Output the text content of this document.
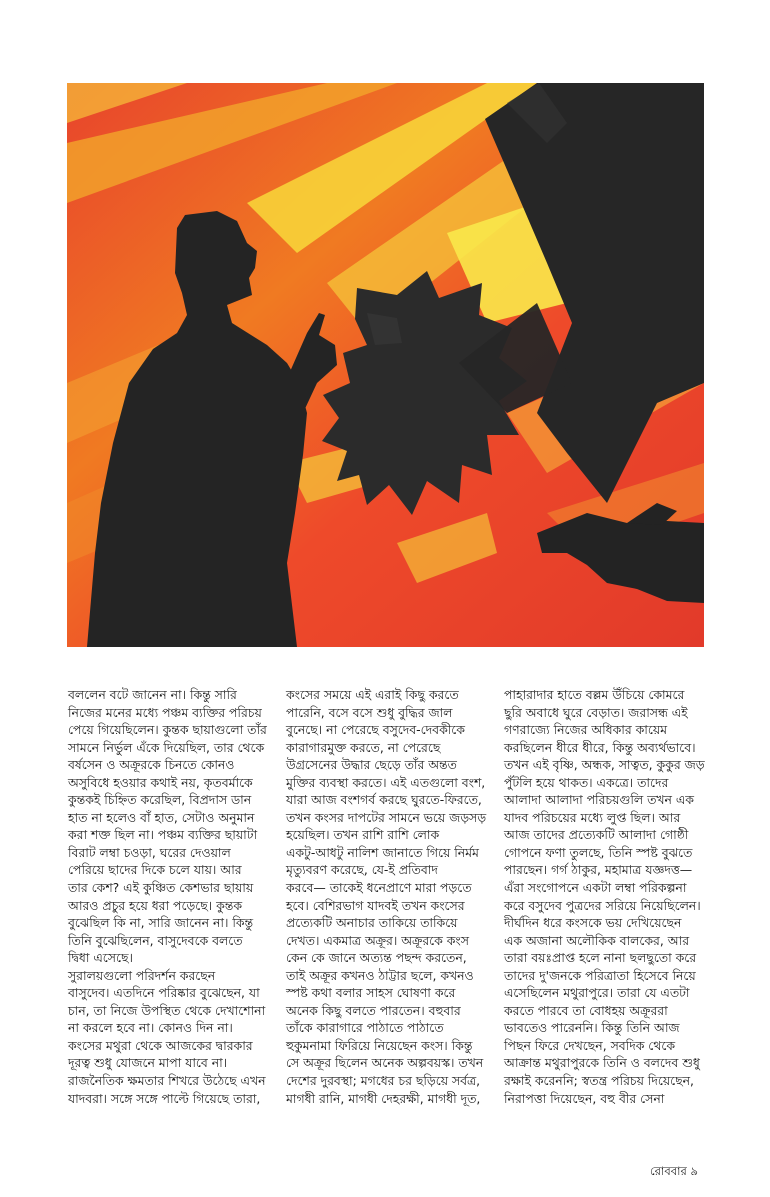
বললেন বটে জানেন না। কিন্তু সারি
নিজের মনের মধ্যে পঞ্চম ব্যক্তির পরিচয়
পেয়ে গিয়েছিলেন। কুন্তক ছায়াগুলো তাঁর
সামনে নির্ভুল এঁকে দিয়েছিল, তার থেকে
বর্ষসেন ও অক্রূরকে চিনতে কোনও
অসুবিধে হওয়ার কথাই নয়, কৃতবর্মাকে
কুন্তকই চিহ্নিত করেছিল, বিপ্রদাস ডান
হাত না হলেও বাঁ হাত, সেটাও অনুমান
করা শক্ত ছিল না। পঞ্চম ব্যক্তির ছায়াটা
বিরাট লম্বা চওড়া, ঘরের দেওয়াল
পেরিয়ে ছাদের দিকে চলে যায়। আর
তার কেশ? এই কুঞ্চিত কেশভার ছায়ায়
আরও প্রচুর হয়ে ধরা পড়েছে। কুন্তক
বুঝেছিল কি না, সারি জানেন না। কিন্তু
তিনি বুঝেছিলেন, বাসুদেবকে বলতে
দ্বিধা এসেছে।
সুরালয়গুলো পরিদর্শন করছেন
বাসুদেব। এতদিনে পরিষ্কার বুঝেছেন, যা
চান, তা নিজে উপস্থিত থেকে দেখাশোনা
না করলে হবে না। কোনও দিন না।
কংসের মথুরা থেকে আজকের দ্বারকার
দূরত্ব শুধু যোজনে মাপা যাবে না।
রাজনৈতিক ক্ষমতার শিখরে উঠেছে এখন
যাদবরা। সঙ্গে সঙ্গে পাল্টে গিয়েছে তারা,
কংসের সময়ে এই এরাই কিছু করতে
পারেনি, বসে বসে শুধু বুদ্ধির জাল
বুনেছে। না পেরেছে বসুদেব-দেবকীকে
কারাগারমুক্ত করতে, না পেরেছে
উগ্রসেনের উদ্ধার ছেড়ে তাঁর অন্তত
মুক্তির ব্যবস্থা করতে। এই এতগুলো বংশ,
যারা আজ বংশগর্ব করছে ঘুরতে-ফিরতে,
তখন কংসর দাপটের সামনে ভয়ে জড়সড়
হয়েছিল। তখন রাশি রাশি লোক
একটু-আধটু নালিশ জানাতে গিয়ে নির্মম
মৃত্যুবরণ করেছে, যে-ই প্রতিবাদ
করবে— তাকেই ধনেপ্রাণে মারা পড়তে
হবে। বেশিরভাগ যাদবই তখন কংসের
প্রত্যেকটি অনাচার তাকিয়ে তাকিয়ে
দেখত। একমাত্র অক্রূর। অক্রূরকে কংস
কেন কে জানে অত্যন্ত পছন্দ করতেন,
তাই অক্রূর কখনও ঠাট্টার ছলে, কখনও
স্পষ্ট কথা বলার সাহস ঘোষণা করে
অনেক কিছু বলতে পারতেন। বহুবার
তাঁকে কারাগারে পাঠাতে পাঠাতে
হুকুমনামা ফিরিয়ে নিয়েছেন কংস। কিন্তু
সে অক্রূর ছিলেন অনেক অল্পবয়স্ক। তখন
দেশের দুরবস্থা; মগধের চর ছড়িয়ে সর্বত্র,
মাগধী রানি, মাগধী দেহরক্ষী, মাগধী দূত,
পাহারাদার হাতে বল্লম উঁচিয়ে কোমরে
ছুরি অবাধে ঘুরে বেড়াত। জরাসন্ধ এই
গণরাজ্যে নিজের অধিকার কায়েম
করছিলেন ধীরে ধীরে, কিন্তু অব্যর্থভাবে।
তখন এই বৃষ্ণি, অন্ধক, সাত্বত, কুকুর জড়
পুঁটলি হয়ে থাকত। একত্রে। তাদের
আলাদা আলাদা পরিচয়গুলি তখন এক
যাদব পরিচয়ের মধ্যে লুপ্ত ছিল। আর
আজ তাদের প্রত্যেকটি আলাদা গোষ্ঠী
গোপনে ফণা তুলছে, তিনি স্পষ্ট বুঝতে
পারছেন। গর্গ ঠাকুর, মহামাত্র যজ্ঞদত্ত—
এঁরা সংগোপনে একটা লম্বা পরিকল্পনা
করে বসুদেব পুত্রদের সরিয়ে নিয়েছিলেন।
দীর্ঘদিন ধরে কংসকে ভয় দেখিয়েছেন
এক অজানা অলৌকিক বালকের, আর
তারা বয়ঃপ্রাপ্ত হলে নানা ছলছুতো করে
তাদের দু'জনকে পরিত্রাতা হিসেবে নিয়ে
এসেছিলেন মথুরাপুরে। তারা যে এতটা
করতে পারবে তা বোধহয় অক্রূররা
ভাবতেও পারেননি। কিন্তু তিনি আজ
পিছন ফিরে দেখছেন, সবদিক থেকে
আক্রান্ত মথুরাপুরকে তিনি ও বলদেব শুধু
রক্ষাই করেননি; স্বতন্ত্র পরিচয় দিয়েছেন,
নিরাপত্তা দিয়েছেন, বহু বীর সেনা
রোববার ৯
